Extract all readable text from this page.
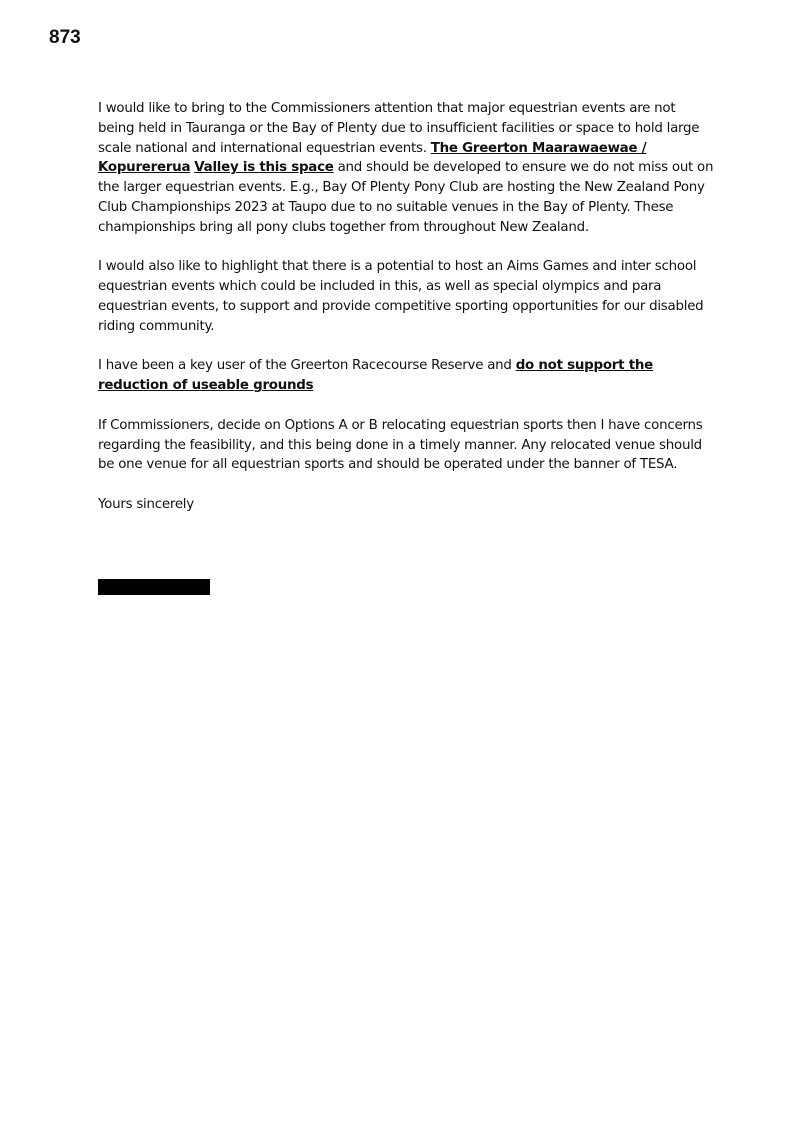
873

I would like to bring to the Commissioners attention that major equestrian events are not being held in Tauranga or the Bay of Plenty due to insufficient facilities or space to hold large scale national and international equestrian events. The Greerton Maarawaewae / Kopurererua Valley is this space and should be developed to ensure we do not miss out on the larger equestrian events. E.g., Bay Of Plenty Pony Club are hosting the New Zealand Pony Club Championships 2023 at Taupo due to no suitable venues in the Bay of Plenty. These championships bring all pony clubs together from throughout New Zealand.

I would also like to highlight that there is a potential to host an Aims Games and inter school equestrian events which could be included in this, as well as special olympics and para equestrian events, to support and provide competitive sporting opportunities for our disabled riding community.

I have been a key user of the Greerton Racecourse Reserve and do not support the reduction of useable grounds

If Commissioners, decide on Options A or B relocating equestrian sports then I have concerns regarding the feasibility, and this being done in a timely manner. Any relocated venue should be one venue for all equestrian sports and should be operated under the banner of TESA.

Yours sincerely
